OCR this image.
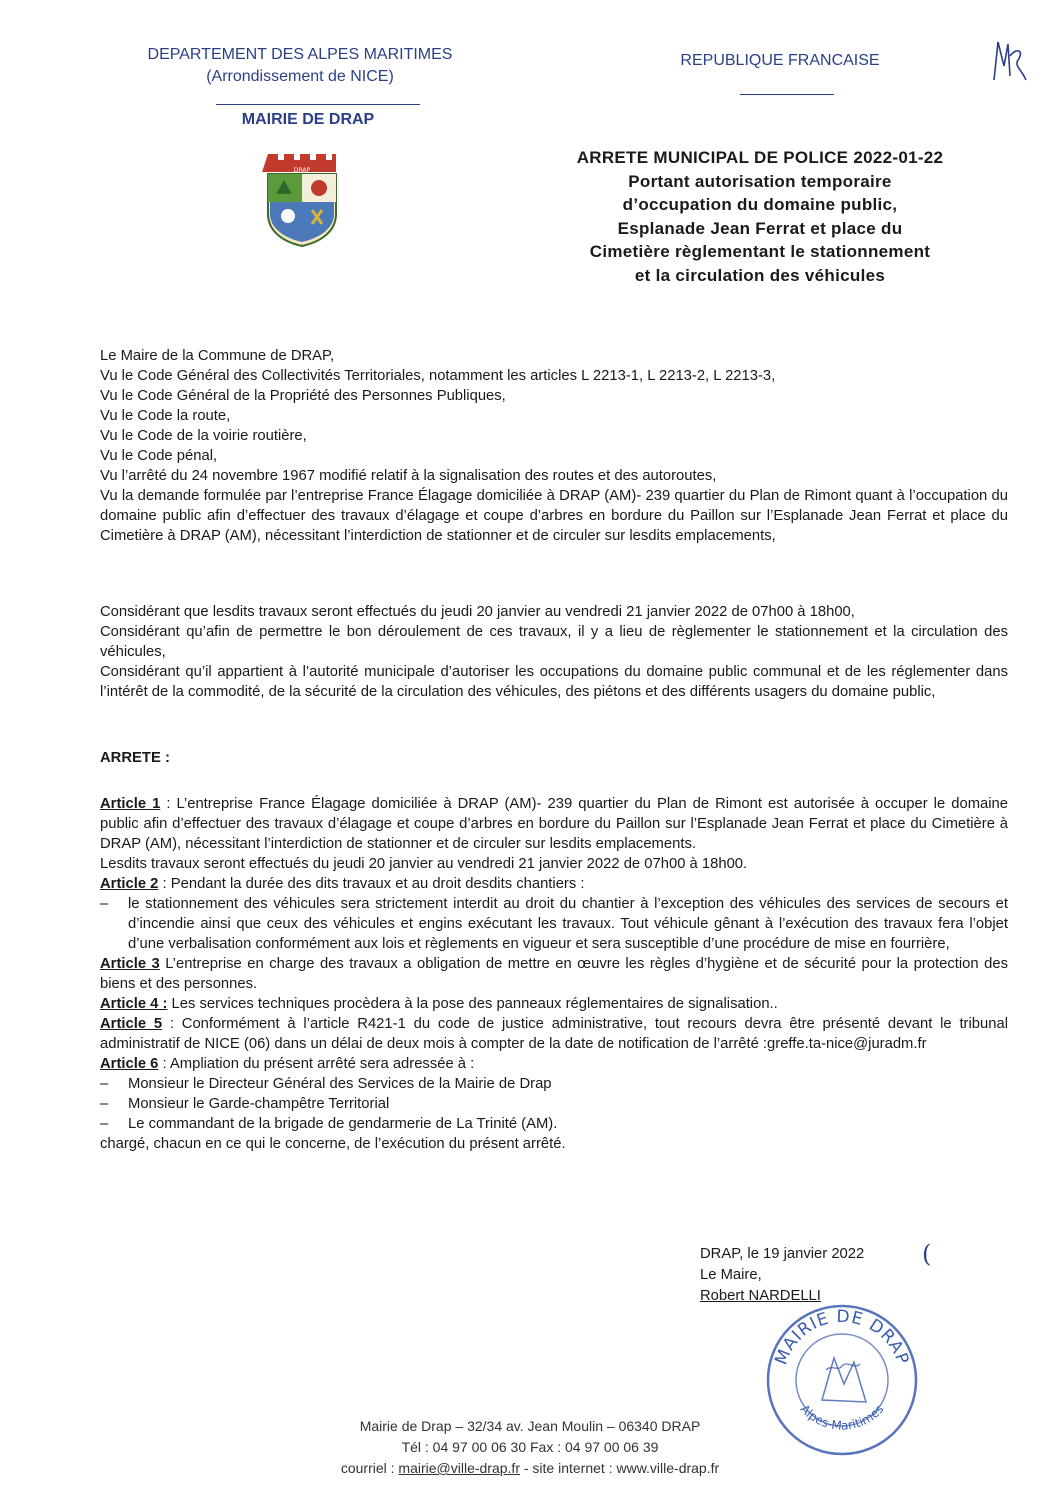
DEPARTEMENT DES ALPES MARITIMES
(Arrondissement de NICE)
MAIRIE DE DRAP
REPUBLIQUE FRANCAISE
DRAP
ARRETE MUNICIPAL DE POLICE 2022-01-22
Portant autorisation temporaire
d’occupation du domaine public,
Esplanade Jean Ferrat et place du
Cimetière règlementant le stationnement
et la circulation des véhicules

Le Maire de la Commune de DRAP,

Vu le Code Général des Collectivités Territoriales, notamment les articles L 2213-1, L 2213-2, L 2213-3,

Vu le Code Général de la Propriété des Personnes Publiques,

Vu le Code la route,

Vu le Code de la voirie routière,

Vu le Code pénal,

Vu l’arrêté du 24 novembre 1967 modifié relatif à la signalisation des routes et des autoroutes,

Vu la demande formulée par l’entreprise France Élagage domiciliée à DRAP (AM)- 239 quartier du Plan de Rimont quant à l’occupation du domaine public afin d’effectuer des travaux d’élagage et coupe d’arbres en bordure du Paillon sur l’Esplanade Jean Ferrat et place du Cimetière à DRAP (AM), nécessitant l’interdiction de stationner et de circuler sur lesdits emplacements,

Considérant que lesdits travaux seront effectués du jeudi 20 janvier au vendredi 21 janvier 2022 de 07h00 à 18h00,

Considérant qu’afin de permettre le bon déroulement de ces travaux, il y a lieu de règlementer le stationnement et la circulation des véhicules,

Considérant qu’il appartient à l’autorité municipale d’autoriser les occupations du domaine public communal et de les réglementer dans l’intérêt de la commodité, de la sécurité de la circulation des véhicules, des piétons et des différents usagers du domaine public,

ARRETE :

Article 1 : L’entreprise France Élagage domiciliée à DRAP (AM)- 239 quartier du Plan de Rimont est autorisée à occuper le domaine public afin d’effectuer des travaux d’élagage et coupe d’arbres en bordure du Paillon sur l’Esplanade Jean Ferrat et place du Cimetière à DRAP (AM), nécessitant l’interdiction de stationner et de circuler sur lesdits emplacements.

Lesdits travaux seront effectués du jeudi 20 janvier au vendredi 21 janvier 2022 de 07h00 à 18h00.

Article 2 : Pendant la durée des dits travaux et au droit desdits chantiers :

–	le stationnement des véhicules sera strictement interdit au droit du chantier à l’exception des véhicules des services de secours et d’incendie ainsi que ceux des véhicules et engins exécutant les travaux. Tout véhicule gênant à l’exécution des travaux fera l’objet d’une verbalisation conformément aux lois et règlements en vigueur et sera susceptible d’une procédure de mise en fourrière,

Article 3 L’entreprise en charge des travaux a obligation de mettre en œuvre les règles d’hygiène et de sécurité pour la protection des biens et des personnes.

Article 4 : Les services techniques procèdera à la pose des panneaux réglementaires de signalisation..

Article 5 : Conformément à l’article R421-1 du code de justice administrative, tout recours devra être présenté devant le tribunal administratif de NICE (06) dans un délai de deux mois à compter de la date de notification de l’arrêté :greffe.ta-nice@juradm.fr

Article 6 : Ampliation du présent arrêté sera adressée à :

– Monsieur le Directeur Général des Services de la Mairie de Drap

– Monsieur le Garde-champêtre Territorial

– Le commandant de la brigade de gendarmerie de La Trinité (AM).

chargé, chacun en ce qui le concerne, de l’exécution du présent arrêté.

DRAP, le 19 janvier 2022

Le Maire,

Robert NARDELLI

(
MAIRIE DE DRAP
Alpes-Maritimes

Mairie de Drap – 32/34 av. Jean Moulin – 06340 DRAP

Tél : 04 97 00 06 30 Fax : 04 97 00 06 39

courriel : mairie@ville-drap.fr - site internet : www.ville-drap.fr
